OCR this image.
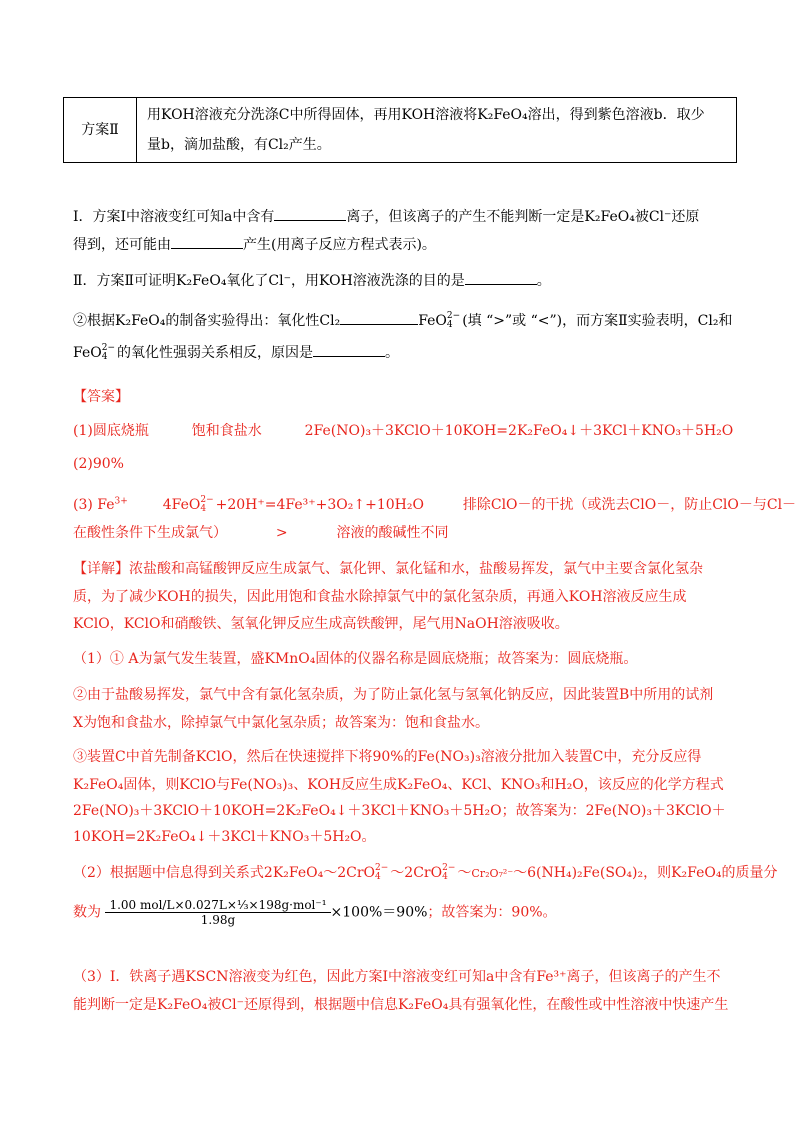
方案Ⅱ	
用KOH溶液充分洗涤C中所得固体，再用KOH溶液将K₂FeO₄溶出，得到紫色溶液b．取少
量b，滴加盐酸，有Cl₂产生。
Ⅰ．方案Ⅰ中溶液变红可知a中含有	离子，但该离子的产生不能判断一定是K₂FeO₄被Cl⁻还原
得到，还可能由	产生(用离子反应方程式表示)。
Ⅱ．方案Ⅱ可证明K₂FeO₄氧化了Cl⁻，用KOH溶液洗涤的目的是	。
②根据K₂FeO₄的制备实验得出：氧化性Cl₂	FeO2−
4 (填 “>”或 “<”)，而方案Ⅱ实验表明，Cl₂和
FeO2−
4 的氧化性强弱关系相反，原因是	。
【答案】
(1)圆底烧瓶	饱和食盐水	2Fe(NO)₃＋3KClO＋10KOH=2K₂FeO₄↓＋3KCl＋KNO₃＋5H₂O
(2)90%
(3) $Fe^{3+}$ 4FeO2−
4 +20H⁺=4Fe³⁺+3O₂↑+10H₂O	排除ClO－的干扰（或洗去ClO－，防止ClO－与Cl－
在酸性条件下生成氯气）	>	溶液的酸碱性不同
【详解】浓盐酸和高锰酸钾反应生成氯气、氯化钾、氯化锰和水，盐酸易挥发，氯气中主要含氯化氢杂
质，为了减少KOH的损失，因此用饱和食盐水除掉氯气中的氯化氢杂质，再通入KOH溶液反应生成
KClO，KClO和硝酸铁、氢氧化钾反应生成高铁酸钾，尾气用NaOH溶液吸收。
（1）① A为氯气发生装置，盛KMnO₄固体的仪器名称是圆底烧瓶；故答案为：圆底烧瓶。
②由于盐酸易挥发，氯气中含有氯化氢杂质，为了防止氯化氢与氢氧化钠反应，因此装置B中所用的试剂
X为饱和食盐水，除掉氯气中氯化氢杂质；故答案为：饱和食盐水。
③装置C中首先制备KClO，然后在快速搅拌下将90%的Fe(NO₃)₃溶液分批加入装置C中，充分反应得
K₂FeO₄固体，则KClO与Fe(NO₃)₃、KOH反应生成K₂FeO₄、KCl、KNO₃和H₂O，该反应的化学方程式
2Fe(NO)₃＋3KClO＋10KOH=2K₂FeO₄↓＋3KCl＋KNO₃＋5H₂O；故答案为：2Fe(NO)₃＋3KClO＋
10KOH=2K₂FeO₄↓＋3KCl＋KNO₃＋5H₂O。
（2）根据题中信息得到关系式2K₂FeO₄～2CrO2−
4 ～2CrO2−
4 ～Cr₂O₇²⁻～6(NH₄)₂Fe(SO₄)₂，则K₂FeO₄的质量分
数为 $\frac{\text{1.00 mol/L×0.027L×⅓×198g·mol⁻¹}}{1.98g} \times 100\%=90\%$；故答案为：90%。
（3）Ⅰ．铁离子遇KSCN溶液变为红色，因此方案Ⅰ中溶液变红可知a中含有Fe³⁺离子，但该离子的产生不
能判断一定是K₂FeO₄被Cl⁻还原得到，根据题中信息K₂FeO₄具有强氧化性，在酸性或中性溶液中快速产生
